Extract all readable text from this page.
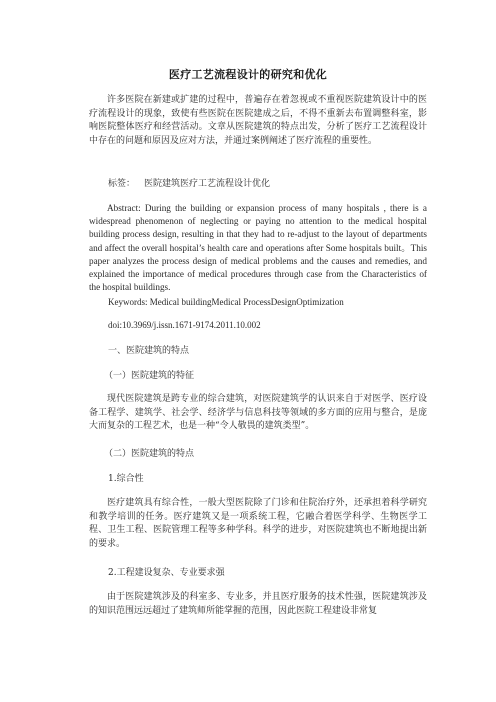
医疗工艺流程设计的研究和优化

许多医院在新建或扩建的过程中，普遍存在着忽视或不重视医院建筑设计中的医疗流程设计的现象，致使有些医院在医院建成之后，不得不重新去布置调整科室，影响医院整体医疗和经营活动。文章从医院建筑的特点出发，分析了医疗工艺流程设计中存在的问题和原因及应对方法，并通过案例阐述了医疗流程的重要性。

标签： 医院建筑医疗工艺流程设计优化

Abstract: During the building or expansion process of many hospitals , there is a widespread phenomenon of neglecting or paying no attention to the medical hospital building process design, resulting in that they had to re-adjust to the layout of departments and affect the overall hospital’s health care and operations after Some hospitals built。This paper analyzes the process design of medical problems and the causes and remedies, and explained the importance of medical procedures through case from the Characteristics of the hospital buildings.

Keywords: Medical buildingMedical ProcessDesignOptimization
doi:10.3969/j.issn.1671-9174.2011.10.002
一、医院建筑的特点
（一）医院建筑的特征

现代医院建筑是跨专业的综合建筑，对医院建筑学的认识来自于对医学、医疗设备工程学、建筑学、社会学、经济学与信息科技等领域的多方面的应用与整合，是庞大而复杂的工程艺术，也是一种“令人敬畏的建筑类型”。

（二）医院建筑的特点
1.综合性

医疗建筑具有综合性，一般大型医院除了门诊和住院治疗外，还承担着科学研究和教学培训的任务。医疗建筑又是一项系统工程，它融合着医学科学、生物医学工程、卫生工程、医院管理工程等多种学科。科学的进步，对医院建筑也不断地提出新的要求。

2.工程建设复杂、专业要求强

由于医院建筑涉及的科室多、专业多，并且医疗服务的技术性强，医院建筑涉及的知识范围远远超过了建筑师所能掌握的范围，因此医院工程建设非常复
